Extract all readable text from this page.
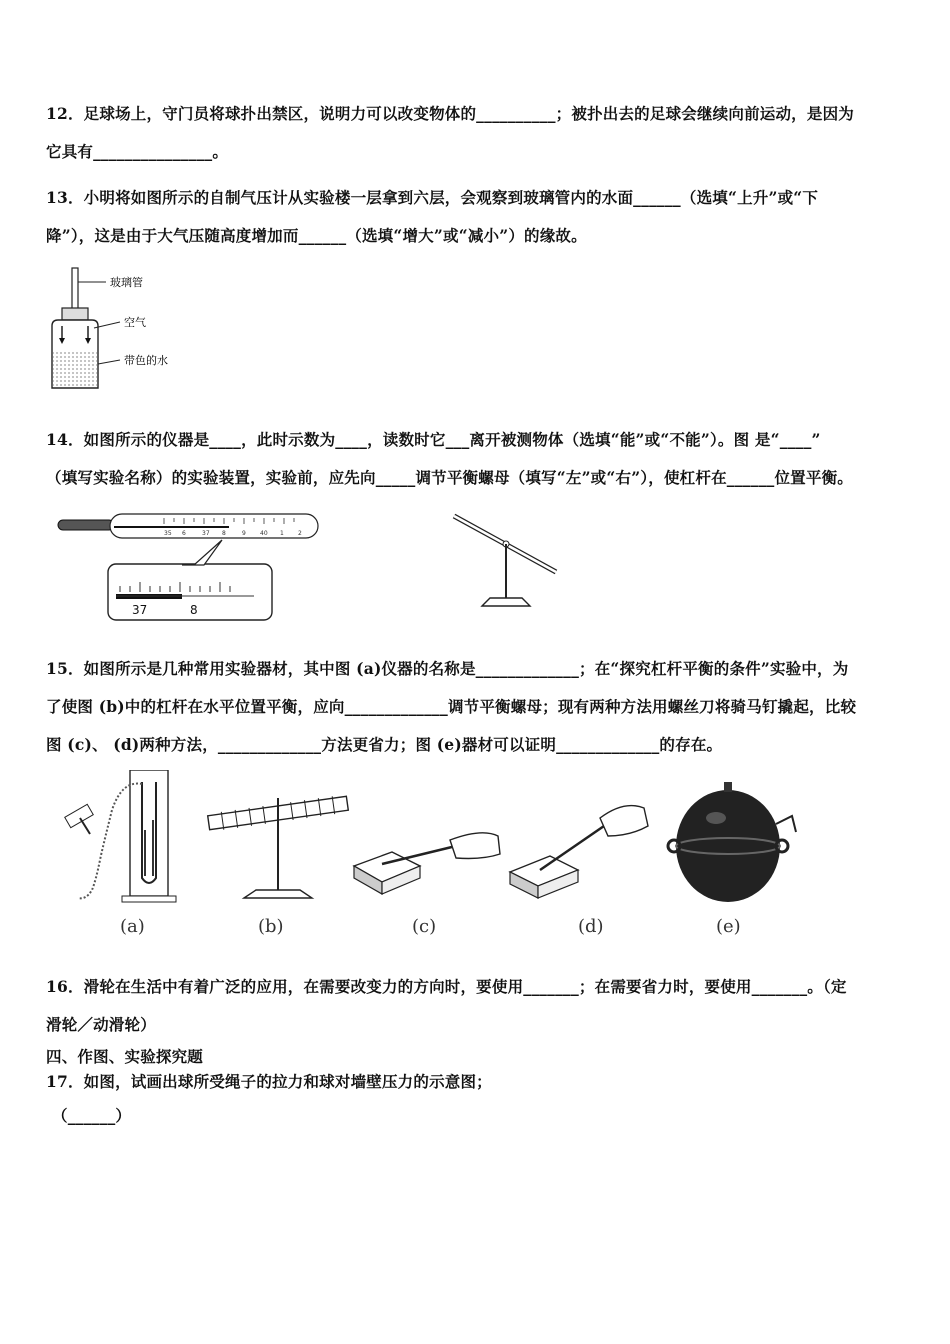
12．足球场上，守门员将球扑出禁区，说明力可以改变物体的__________；被扑出去的足球会继续向前运动，是因为
它具有_______________。
13．小明将如图所示的自制气压计从实验楼一层拿到六层，会观察到玻璃管内的水面______（选填“上升”或“下
降”），这是由于大气压随高度增加而______（选填“增大”或“减小”）的缘故。
玻璃管
空气
带色的水
14．如图所示的仪器是____，此时示数为____，读数时它___离开被测物体（选填“能”或“不能”）。图 是“____”
（填写实验名称）的实验装置，实验前，应先向_____调节平衡螺母（填写“左”或“右”），使杠杆在______位置平衡。
35 6	37 8	9 40 1 2
37	8
15．如图所示是几种常用实验器材，其中图 (a)仪器的名称是_____________；在“探究杠杆平衡的条件”实验中，为
了使图 (b)中的杠杆在水平位置平衡，应向_____________调节平衡螺母；现有两种方法用螺丝刀将骑马钉撬起，比较
图 (c)、 (d)两种方法，_____________方法更省力；图 (e)器材可以证明_____________的存在。
(a)	(b)	(c)	(d)	(e)
16．滑轮在生活中有着广泛的应用，在需要改变力的方向时，要使用_______；在需要省力时，要使用_______。（定
滑轮／动滑轮）
四、作图、实验探究题
17．如图，试画出球所受绳子的拉力和球对墙壁压力的示意图；
（______）
